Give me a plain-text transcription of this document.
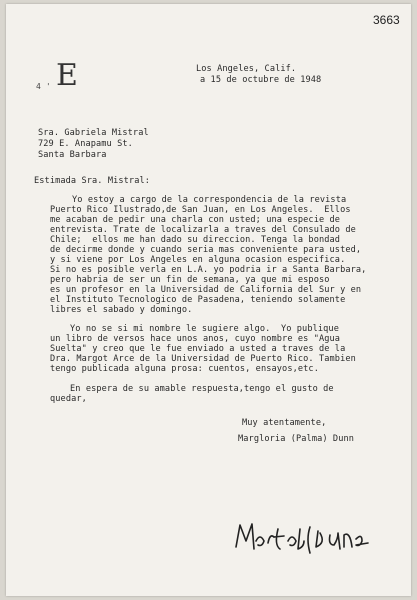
3663
E
4 '
Los Angeles, Calif.
a 15 de octubre de 1948
Sra. Gabriela Mistral
729 E. Anapamu St.
Santa Barbara
Estimada Sra. Mistral:
Yo estoy a cargo de la correspondencia de la revista
Puerto Rico Ilustrado,de San Juan, en Los Angeles.  Ellos
me acaban de pedir una charla con usted; una especie de
entrevista. Trate de localizarla a traves del Consulado de
Chile;  ellos me han dado su direccion. Tenga la bondad
de decirme donde y cuando seria mas conveniente para usted,
y si viene por Los Angeles en alguna ocasion especifica.
Si no es posible verla en L.A. yo podria ir a Santa Barbara,
pero habria de ser un fin de semana, ya que mi esposo
es un profesor en la Universidad de California del Sur y en
el Instituto Tecnologico de Pasadena, teniendo solamente
libres el sabado y domingo.
Yo no se si mi nombre le sugiere algo.  Yo publique
un libro de versos hace unos anos, cuyo nombre es "Agua
Suelta" y creo que le fue enviado a usted a traves de la
Dra. Margot Arce de la Universidad de Puerto Rico. Tambien
tengo publicada alguna prosa: cuentos, ensayos,etc.
En espera de su amable respuesta,tengo el gusto de
quedar,
Muy atentamente,
Margloria (Palma) Dunn
